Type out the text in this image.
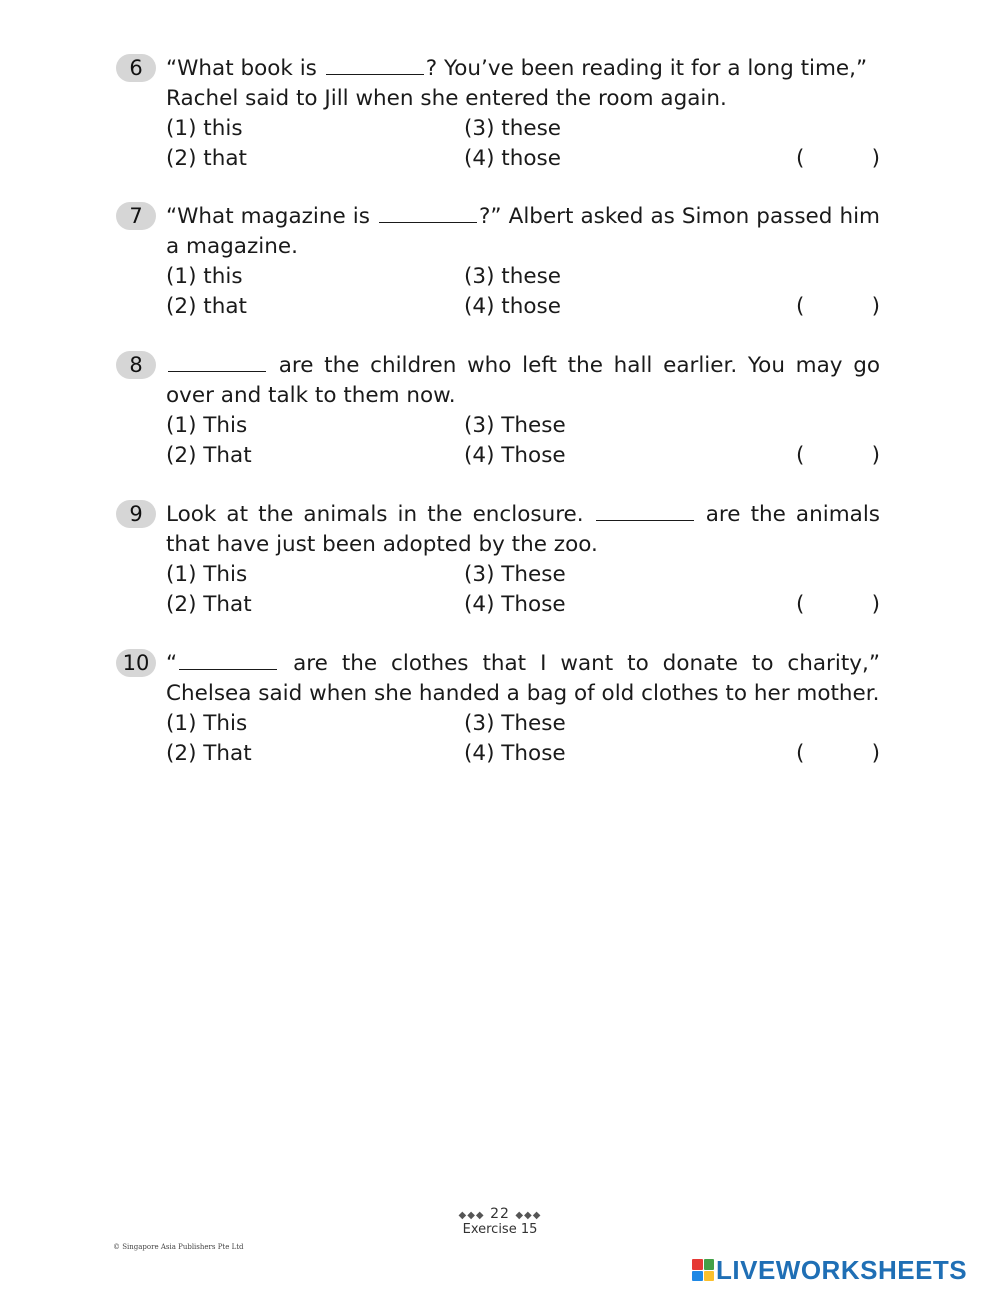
6	“What book is	? You’ve been reading it for a long time,”
Rachel said to Jill when she entered the room again.
(1) this	(3) these
(2) that	(4) those	(	)
7	“What magazine is	?” Albert asked as Simon passed him
a magazine.
(1) this	(3) these
(2) that	(4) those	(	)
8	are the children who left the hall earlier. You may go
over and talk to them now.
(1) This	(3) These
(2) That	(4) Those	(	)
9	Look at the animals in the enclosure.	are the animals
that have just been adopted by the zoo.
(1) This	(3) These
(2) That	(4) Those	(	)
10 “	are the clothes that I want to donate to charity,”
Chelsea said when she handed a bag of old clothes to her mother.
(1) This	(3) These
(2) That	(4) Those	(	)
◆◆◆ 22 ◆◆◆
Exercise 15
© Singapore Asia Publishers Pte Ltd
LIVEWORKSHEETS
